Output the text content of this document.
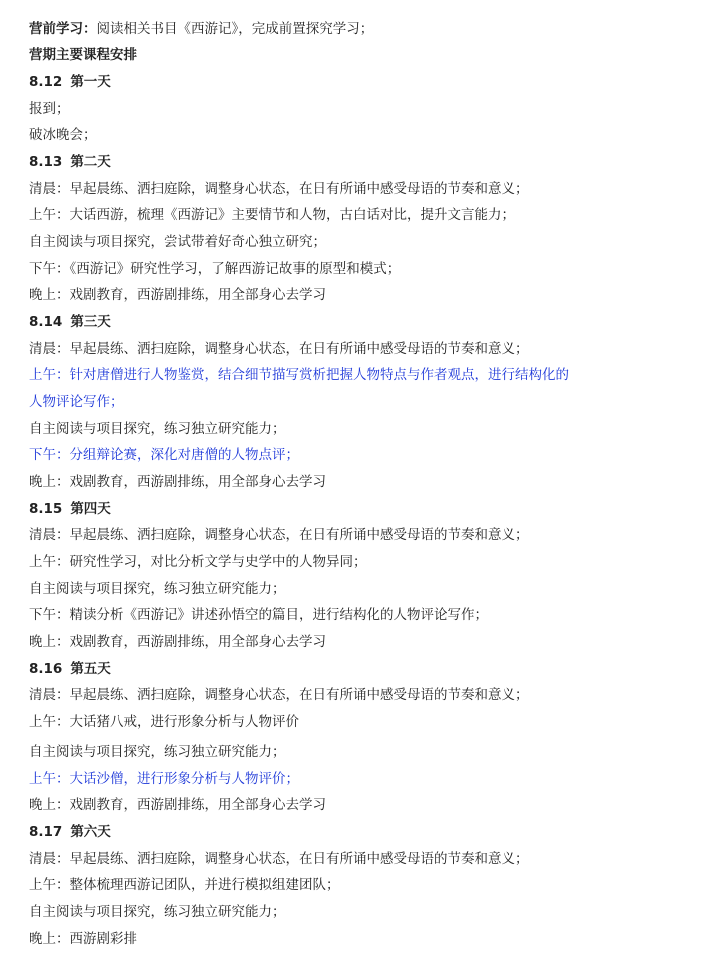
营前学习：阅读相关书目《西游记》，完成前置探究学习；
营期主要课程安排
8.12 第一天
报到；
破冰晚会；
8.13 第二天
清晨：早起晨练、洒扫庭除，调整身心状态，在日有所诵中感受母语的节奏和意义；
上午：大话西游，梳理《西游记》主要情节和人物，古白话对比，提升文言能力；
自主阅读与项目探究，尝试带着好奇心独立研究；
下午：《西游记》研究性学习，了解西游记故事的原型和模式；
晚上：戏剧教育，西游剧排练，用全部身心去学习
8.14 第三天
清晨：早起晨练、洒扫庭除，调整身心状态，在日有所诵中感受母语的节奏和意义；
上午：针对唐僧进行人物鉴赏，结合细节描写赏析把握人物特点与作者观点，进行结构化的
人物评论写作；
自主阅读与项目探究，练习独立研究能力；
下午：分组辩论赛，深化对唐僧的人物点评；
晚上：戏剧教育，西游剧排练，用全部身心去学习
8.15 第四天
清晨：早起晨练、洒扫庭除，调整身心状态，在日有所诵中感受母语的节奏和意义；
上午：研究性学习，对比分析文学与史学中的人物异同；
自主阅读与项目探究，练习独立研究能力；
下午：精读分析《西游记》讲述孙悟空的篇目，进行结构化的人物评论写作；
晚上：戏剧教育，西游剧排练，用全部身心去学习
8.16 第五天
清晨：早起晨练、洒扫庭除，调整身心状态，在日有所诵中感受母语的节奏和意义；
上午：大话猪八戒，进行形象分析与人物评价
自主阅读与项目探究，练习独立研究能力；
上午：大话沙僧，进行形象分析与人物评价；
晚上：戏剧教育，西游剧排练，用全部身心去学习
8.17 第六天
清晨：早起晨练、洒扫庭除，调整身心状态，在日有所诵中感受母语的节奏和意义；
上午：整体梳理西游记团队，并进行模拟组建团队；
自主阅读与项目探究，练习独立研究能力；
晚上：西游剧彩排
